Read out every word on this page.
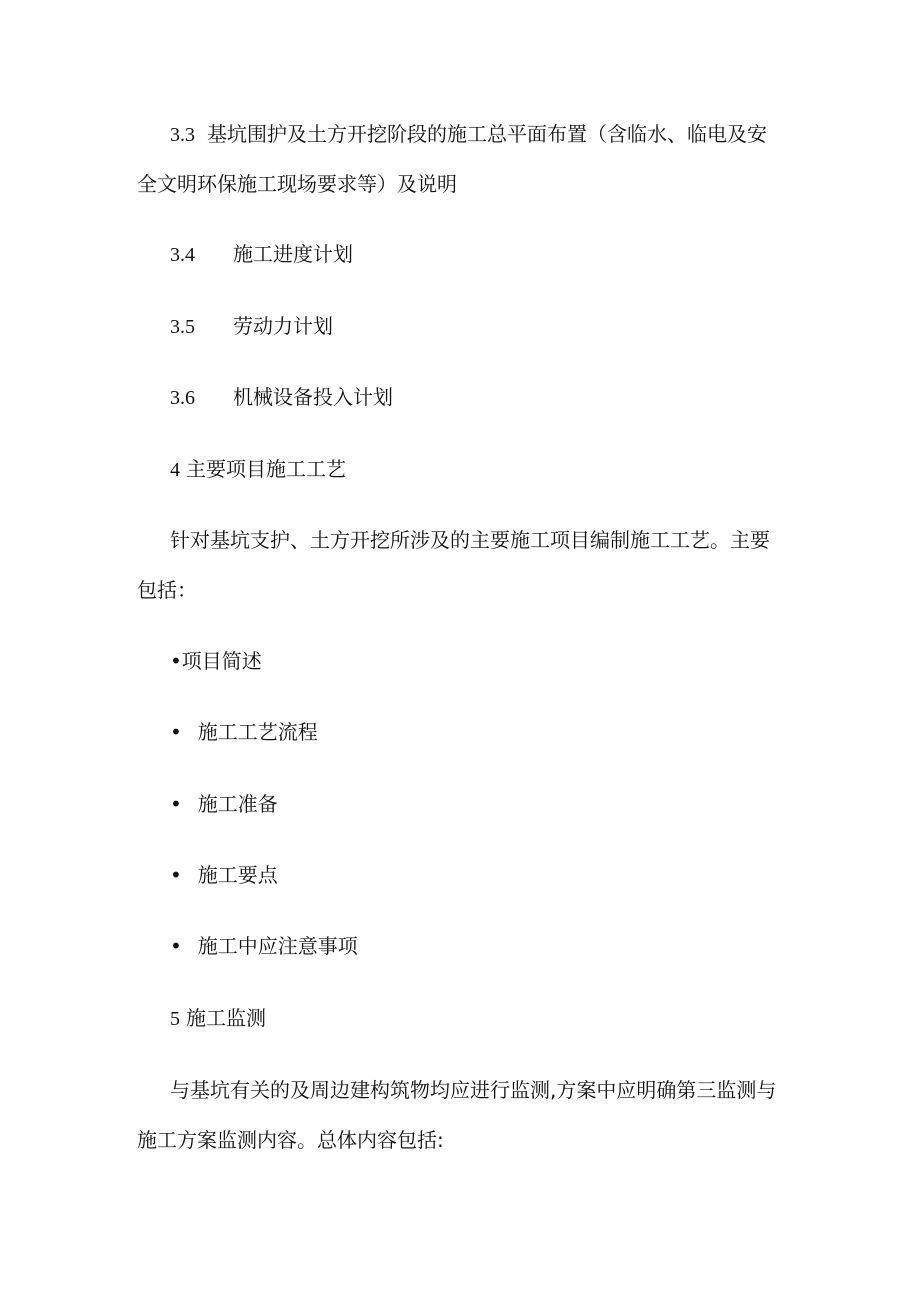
3.3 基坑围护及土方开挖阶段的施工总平面布置（含临水、临电及安
全文明环保施工现场要求等）及说明
3.4 施工进度计划
3.5 劳动力计划
3.6 机械设备投入计划
4 主要项目施工工艺
针对基坑支护、土方开挖所涉及的主要施工项目编制施工工艺。主要
包括：
•项目简述
• 施工工艺流程
• 施工准备
• 施工要点
• 施工中应注意事项
5 施工监测
与基坑有关的及周边建构筑物均应进行监测,方案中应明确第三监测与
施工方案监测内容。总体内容包括:
